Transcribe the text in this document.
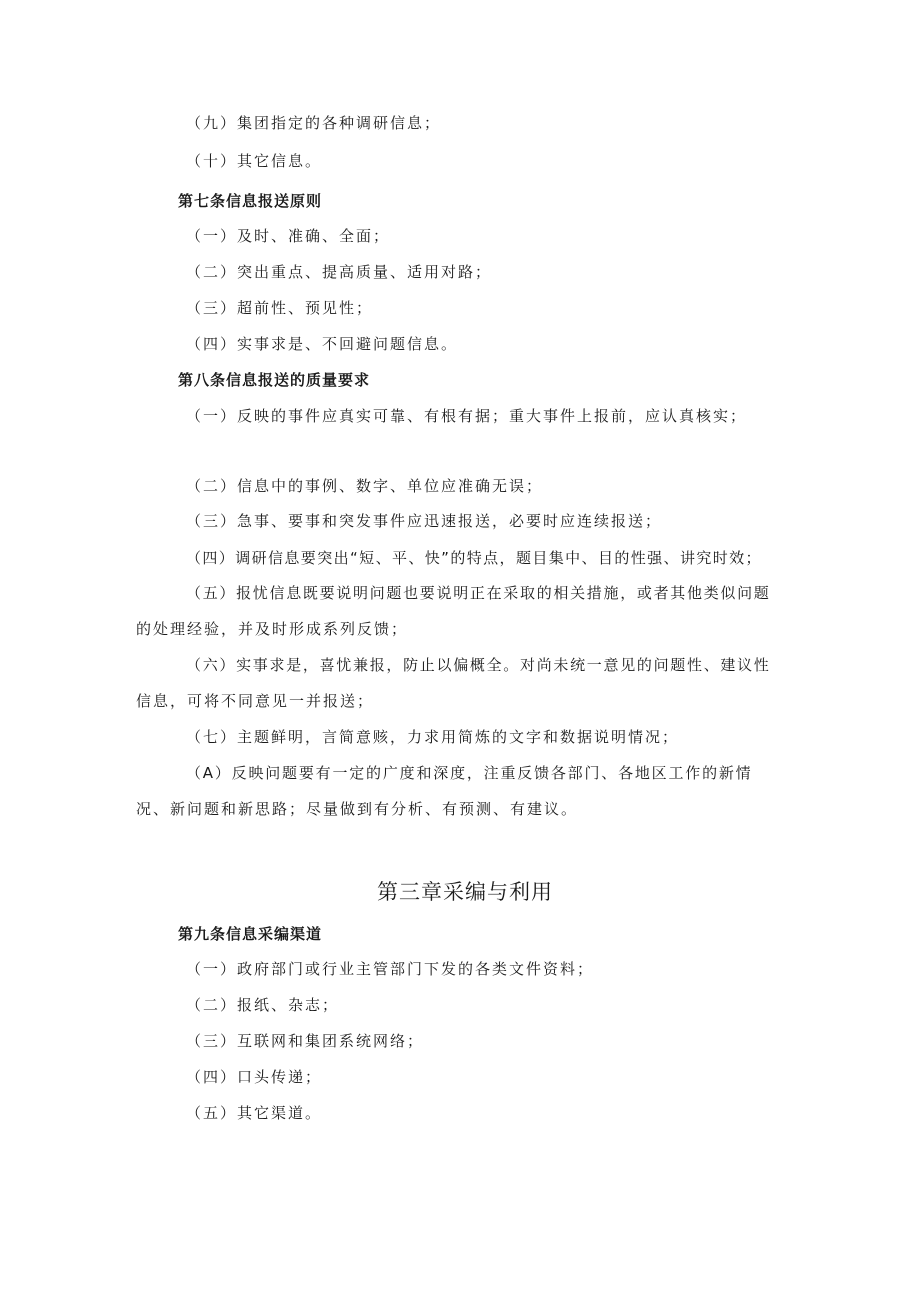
（九）集团指定的各种调研信息；
（十）其它信息。
第七条信息报送原则
（一）及时、准确、全面；
（二）突出重点、提高质量、适用对路；
（三）超前性、预见性；
（四）实事求是、不回避问题信息。
第八条信息报送的质量要求
（一）反映的事件应真实可靠、有根有据；重大事件上报前，应认真核实；
（二）信息中的事例、数字、单位应准确无误；
（三）急事、要事和突发事件应迅速报送，必要时应连续报送；
（四）调研信息要突出“短、平、快”的特点，题目集中、目的性强、讲究时效；
（五）报忧信息既要说明问题也要说明正在采取的相关措施，或者其他类似问题
的处理经验，并及时形成系列反馈；
（六）实事求是，喜忧兼报，防止以偏概全。对尚未统一意见的问题性、建议性
信息，可将不同意见一并报送；
（七）主题鲜明，言简意赅，力求用简炼的文字和数据说明情况；
（A）反映问题要有一定的广度和深度，注重反馈各部门、各地区工作的新情
况、新问题和新思路；尽量做到有分析、有预测、有建议。
第三章采编与利用
第九条信息采编渠道
（一）政府部门或行业主管部门下发的各类文件资料；
（二）报纸、杂志；
（三）互联网和集团系统网络；
（四）口头传递；
（五）其它渠道。
